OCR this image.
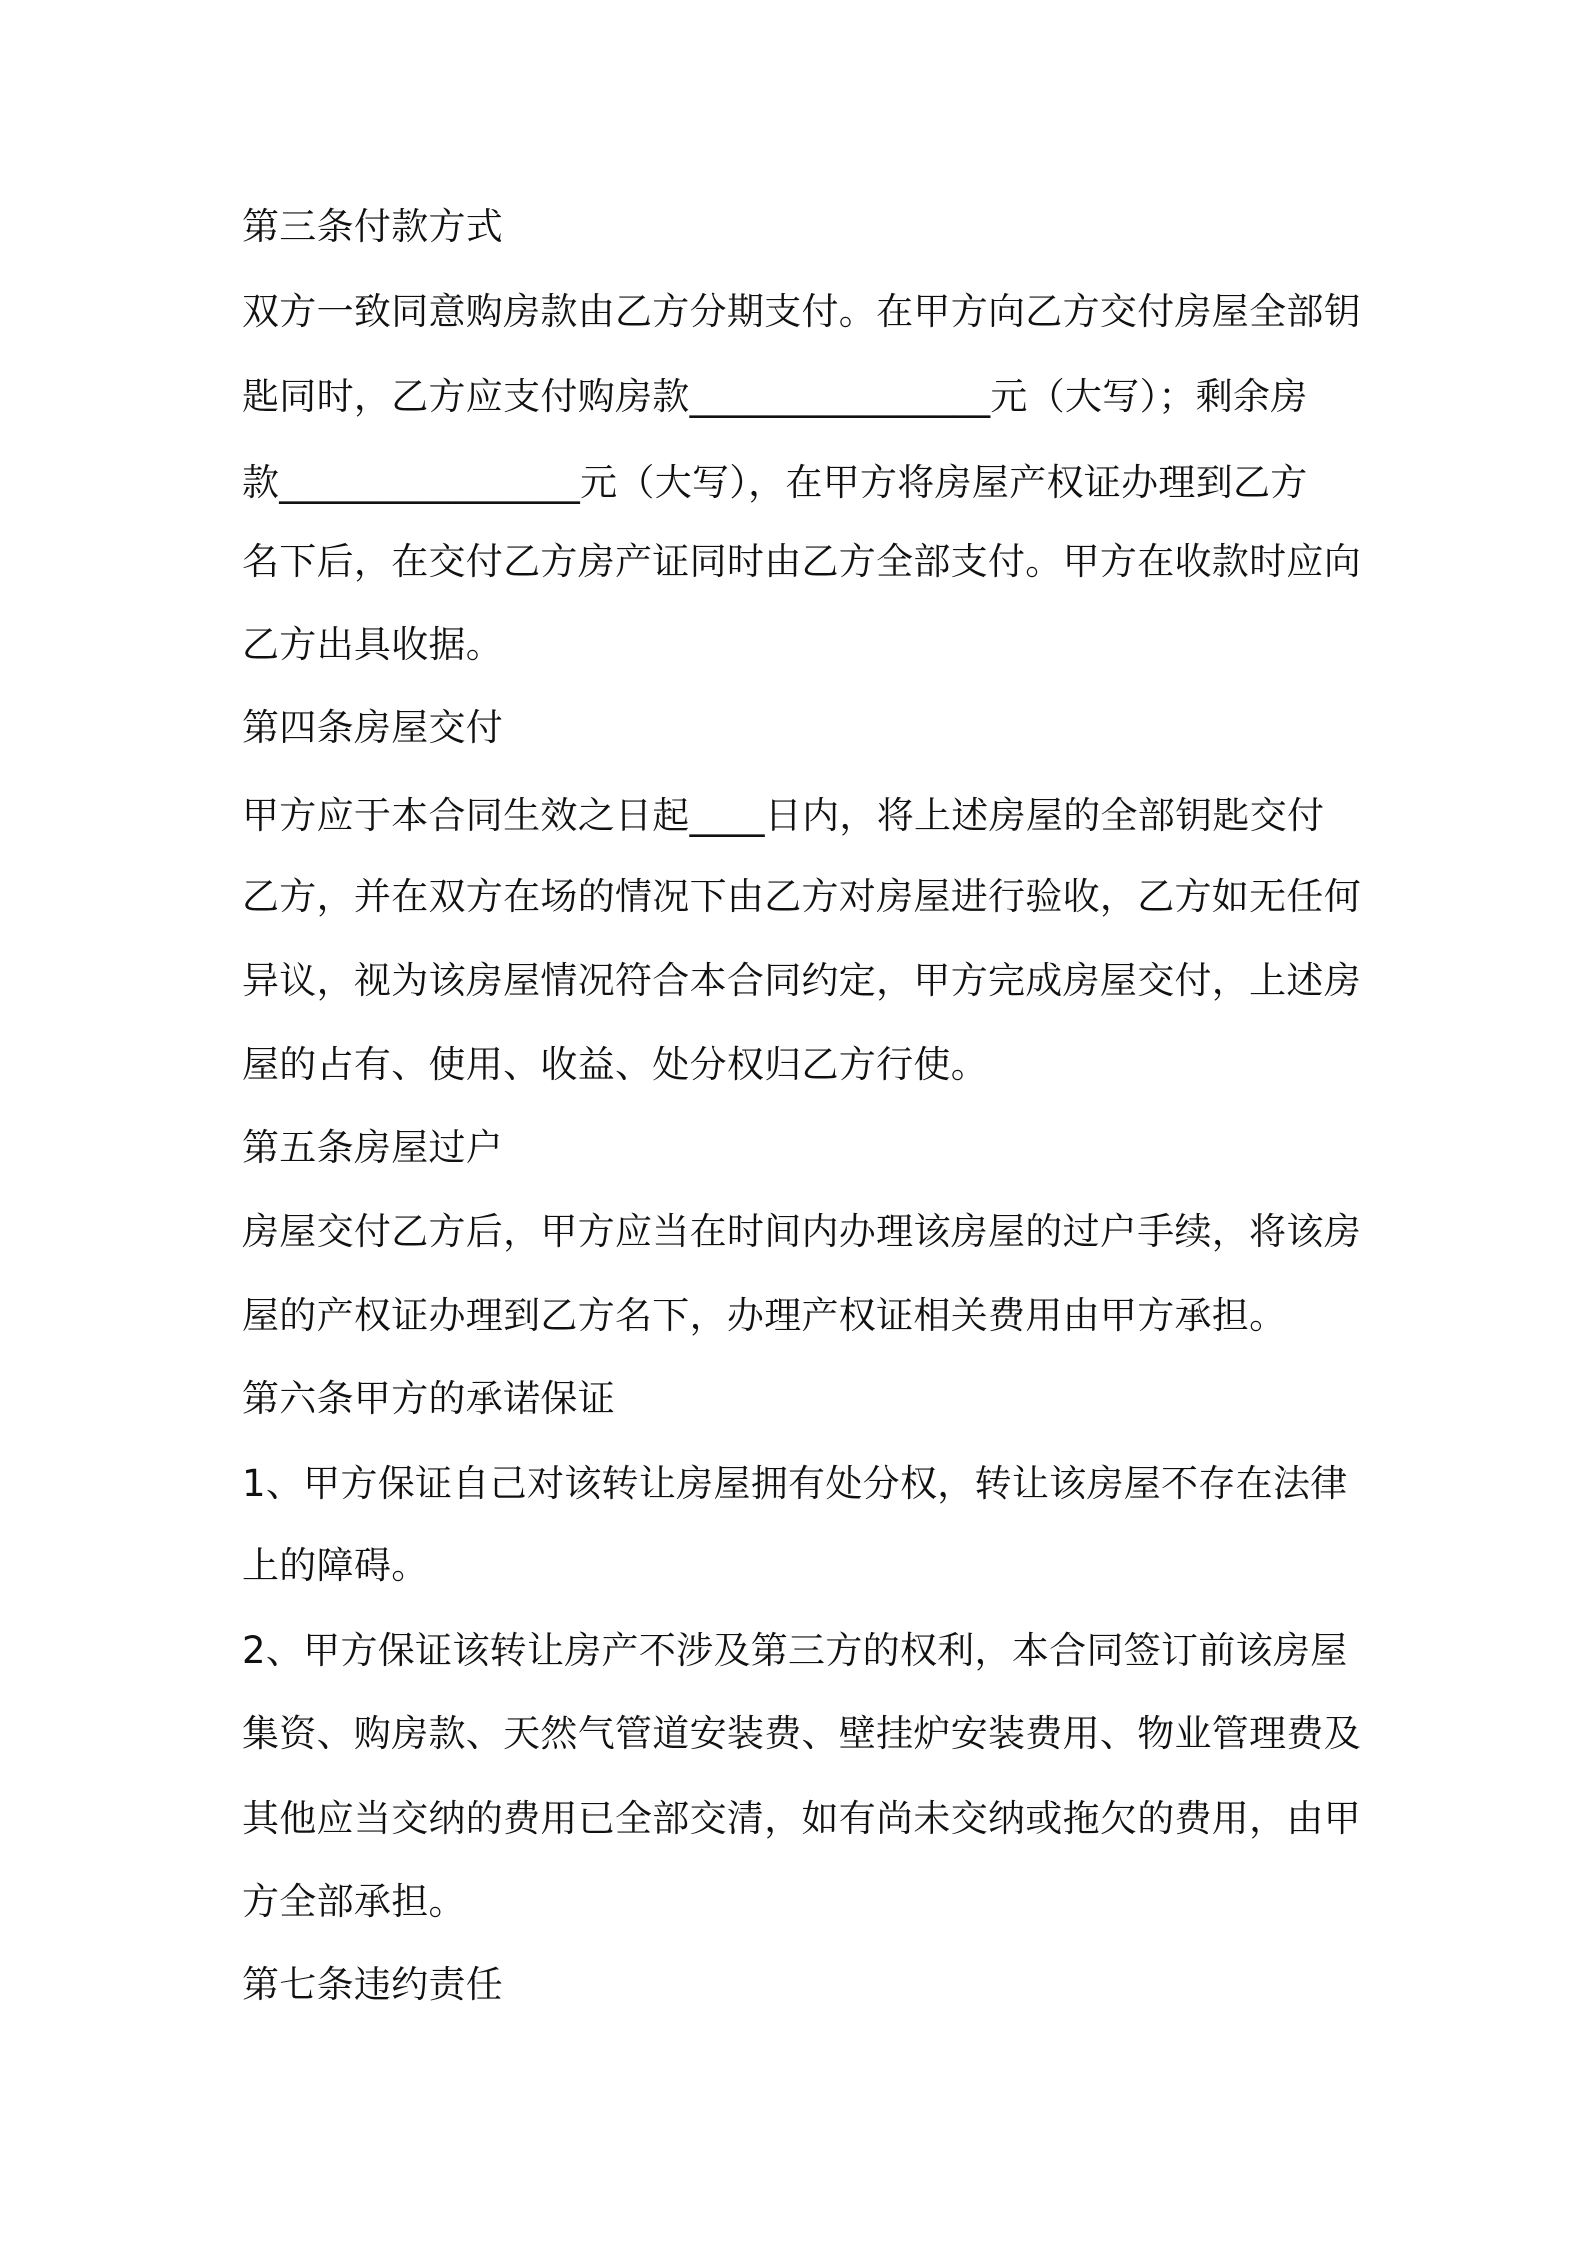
第三条付款方式
双方一致同意购房款由乙方分期支付。在甲方向乙方交付房屋全部钥
匙同时，乙方应支付购房款________________元（大写）；剩余房
款________________元（大写），在甲方将房屋产权证办理到乙方
名下后，在交付乙方房产证同时由乙方全部支付。甲方在收款时应向
乙方出具收据。
第四条房屋交付
甲方应于本合同生效之日起____日内，将上述房屋的全部钥匙交付
乙方，并在双方在场的情况下由乙方对房屋进行验收，乙方如无任何
异议，视为该房屋情况符合本合同约定，甲方完成房屋交付，上述房
屋的占有、使用、收益、处分权归乙方行使。
第五条房屋过户
房屋交付乙方后，甲方应当在时间内办理该房屋的过户手续，将该房
屋的产权证办理到乙方名下，办理产权证相关费用由甲方承担。
第六条甲方的承诺保证
1、甲方保证自己对该转让房屋拥有处分权，转让该房屋不存在法律
上的障碍。
2、甲方保证该转让房产不涉及第三方的权利，本合同签订前该房屋
集资、购房款、天然气管道安装费、壁挂炉安装费用、物业管理费及
其他应当交纳的费用已全部交清，如有尚未交纳或拖欠的费用，由甲
方全部承担。
第七条违约责任
